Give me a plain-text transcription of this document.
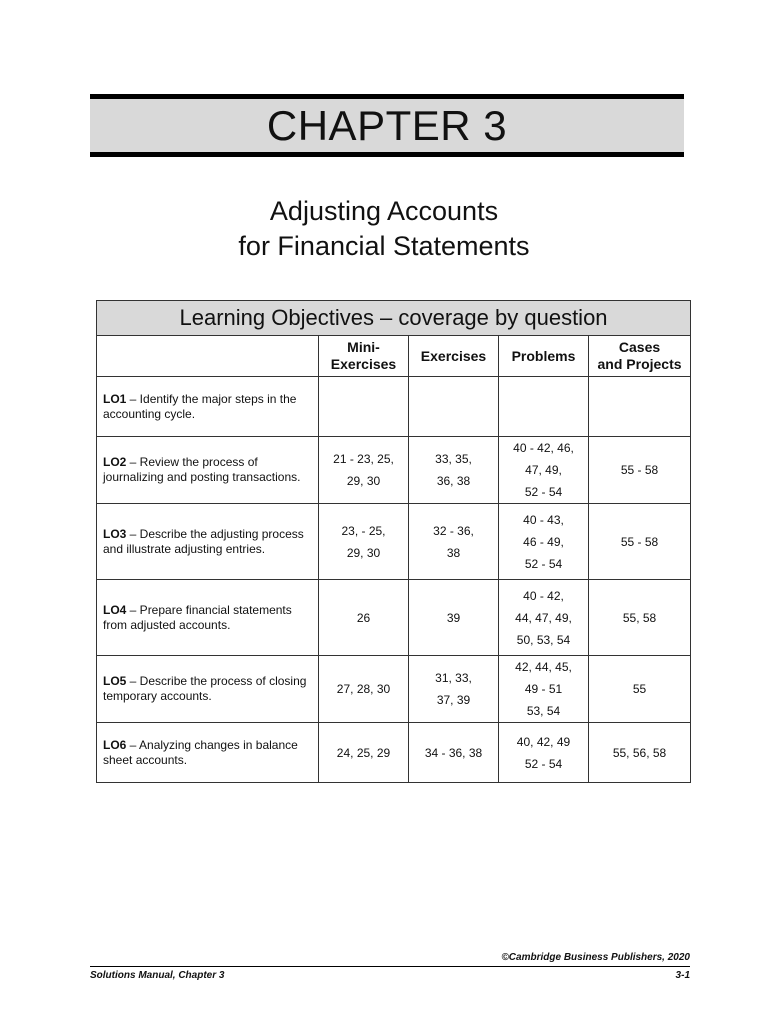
CHAPTER 3
Adjusting Accounts
for Financial Statements
Learning Objectives – coverage by question				
	Mini-
Exercises	Exercises	Problems	Cases
and Projects
LO1 – Identify the major steps in the accounting cycle.				
LO2 – Review the process of journalizing and posting transactions.	21 - 23, 25,
29, 30	33, 35,
36, 38	40 - 42, 46,
47, 49,
52 - 54	55 - 58
LO3 – Describe the adjusting process and illustrate adjusting entries.	23, - 25,
29, 30	32 - 36,
38	40 - 43,
46 - 49,
52 - 54	55 - 58
LO4 – Prepare financial statements from adjusted accounts.	26	39	40 - 42,
44, 47, 49,
50, 53, 54	55, 58
LO5 – Describe the process of closing temporary accounts.	27, 28, 30	31, 33,
37, 39	42, 44, 45,
49 - 51
53, 54	55
LO6 – Analyzing changes in balance sheet accounts.	24, 25, 29	34 - 36, 38	40, 42, 49
52 - 54	55, 56, 58
©Cambridge Business Publishers, 2020
Solutions Manual, Chapter 3	3-1
